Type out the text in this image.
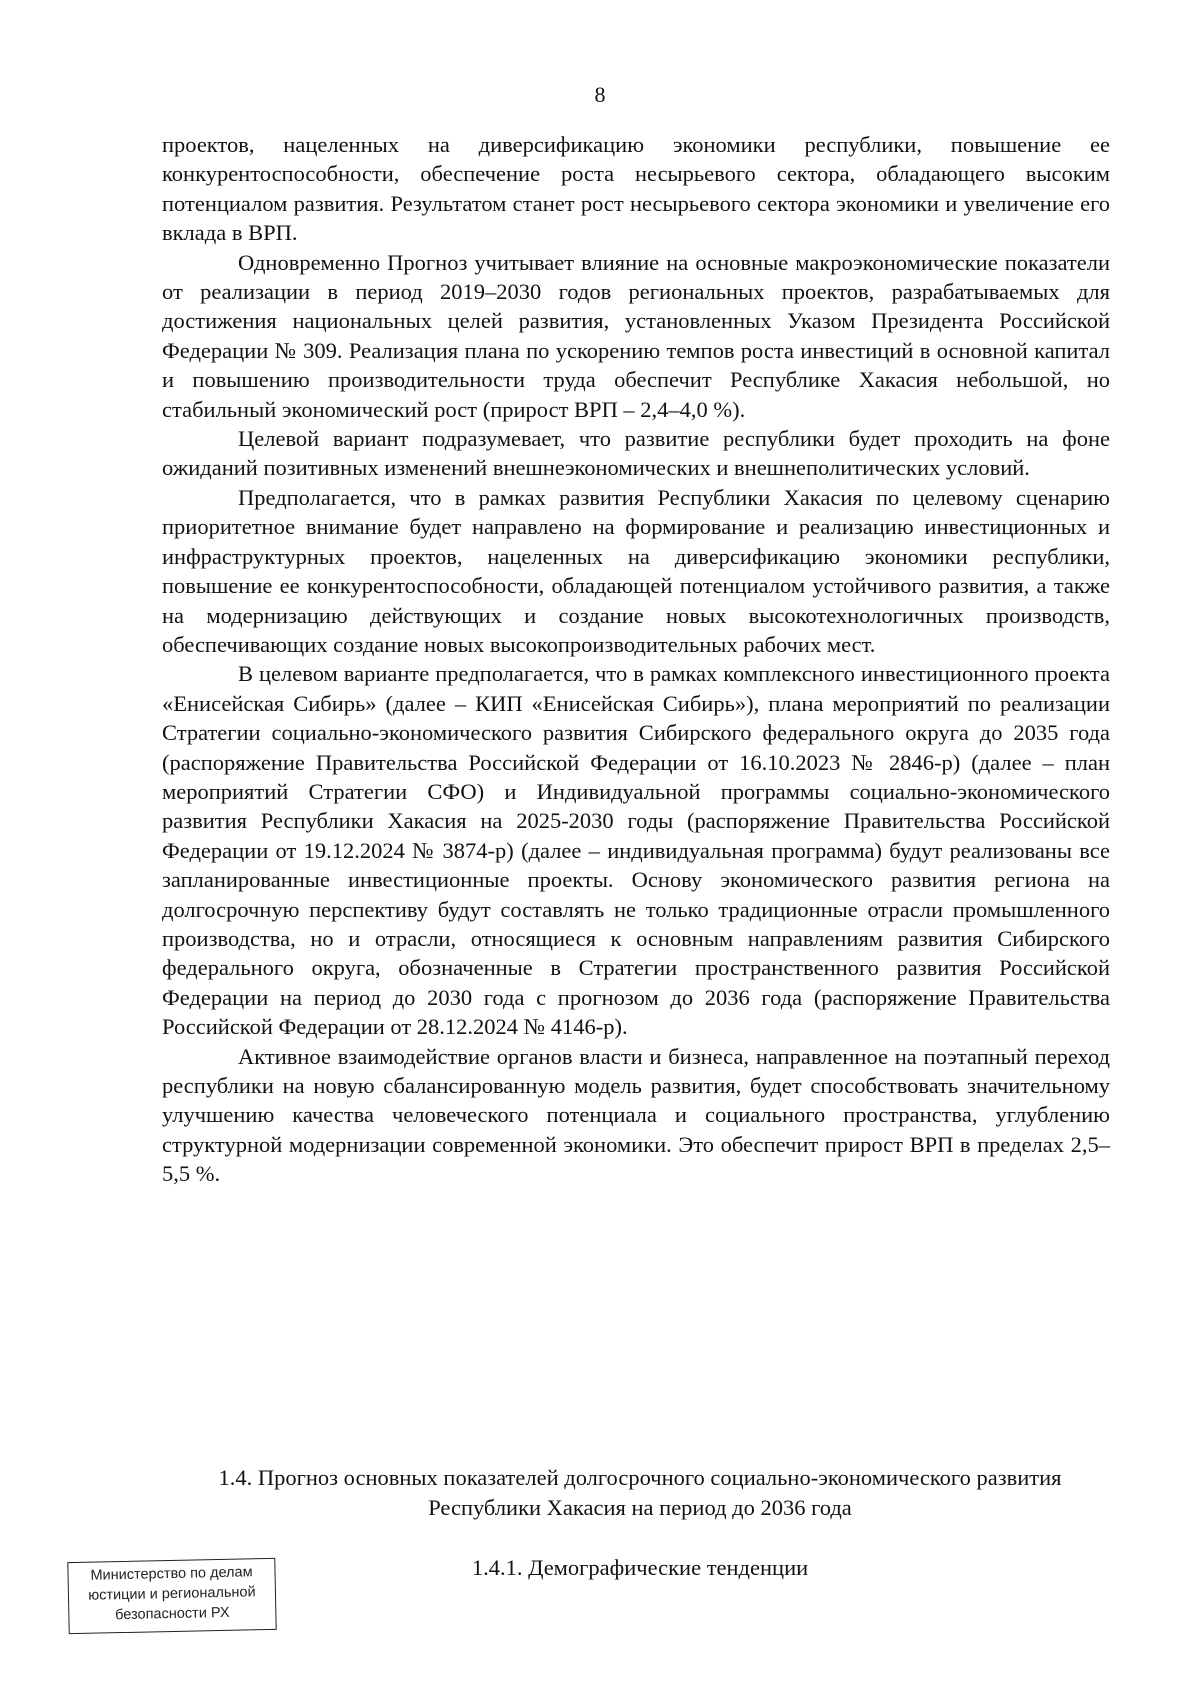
8

проектов, нацеленных на диверсификацию экономики республики, повышение ее конкурентоспособности, обеспечение роста несырьевого сектора, обладающего высоким потенциалом развития. Результатом станет рост несырьевого сектора экономики и увеличение его вклада в ВРП.

Одновременно Прогноз учитывает влияние на основные макроэкономические показатели от реализации в период 2019–2030 годов региональных проектов, разрабатываемых для достижения национальных целей развития, установленных Указом Президента Российской Федерации № 309. Реализация плана по ускорению темпов роста инвестиций в основной капитал и повышению производительности труда обеспечит Республике Хакасия небольшой, но стабильный экономический рост (прирост ВРП – 2,4–4,0 %).

Целевой вариант подразумевает, что развитие республики будет проходить на фоне ожиданий позитивных изменений внешнеэкономических и внешнеполитических условий.

Предполагается, что в рамках развития Республики Хакасия по целевому сценарию приоритетное внимание будет направлено на формирование и реализацию инвестиционных и инфраструктурных проектов, нацеленных на диверсификацию экономики республики, повышение ее конкурентоспособности, обладающей потенциалом устойчивого развития, а также на модернизацию действующих и создание новых высокотехнологичных производств, обеспечивающих создание новых высокопроизводительных рабочих мест.

В целевом варианте предполагается, что в рамках комплексного инвестиционного проекта «Енисейская Сибирь» (далее – КИП «Енисейская Сибирь»), плана мероприятий по реализации Стратегии социально-экономического развития Сибирского федерального округа до 2035 года (распоряжение Правительства Российской Федерации от 16.10.2023 № 2846-р) (далее – план мероприятий Стратегии СФО) и Индивидуальной программы социально-экономического развития Республики Хакасия на 2025-2030 годы (распоряжение Правительства Российской Федерации от 19.12.2024 № 3874-р) (далее – индивидуальная программа) будут реализованы все запланированные инвестиционные проекты. Основу экономического развития региона на долгосрочную перспективу будут составлять не только традиционные отрасли промышленного производства, но и отрасли, относящиеся к основным направлениям развития Сибирского федерального округа, обозначенные в Стратегии пространственного развития Российской Федерации на период до 2030 года с прогнозом до 2036 года (распоряжение Правительства Российской Федерации от 28.12.2024 № 4146-р).

Активное взаимодействие органов власти и бизнеса, направленное на поэтапный переход республики на новую сбалансированную модель развития, будет способствовать значительному улучшению качества человеческого потенциала и социального пространства, углублению структурной модернизации современной экономики. Это обеспечит прирост ВРП в пределах 2,5–5,5 %.

1.4. Прогноз основных показателей долгосрочного социально-экономического развития Республики Хакасия на период до 2036 года
1.4.1. Демографические тенденции
Министерство по делам
юстиции и региональной
безопасности РХ
